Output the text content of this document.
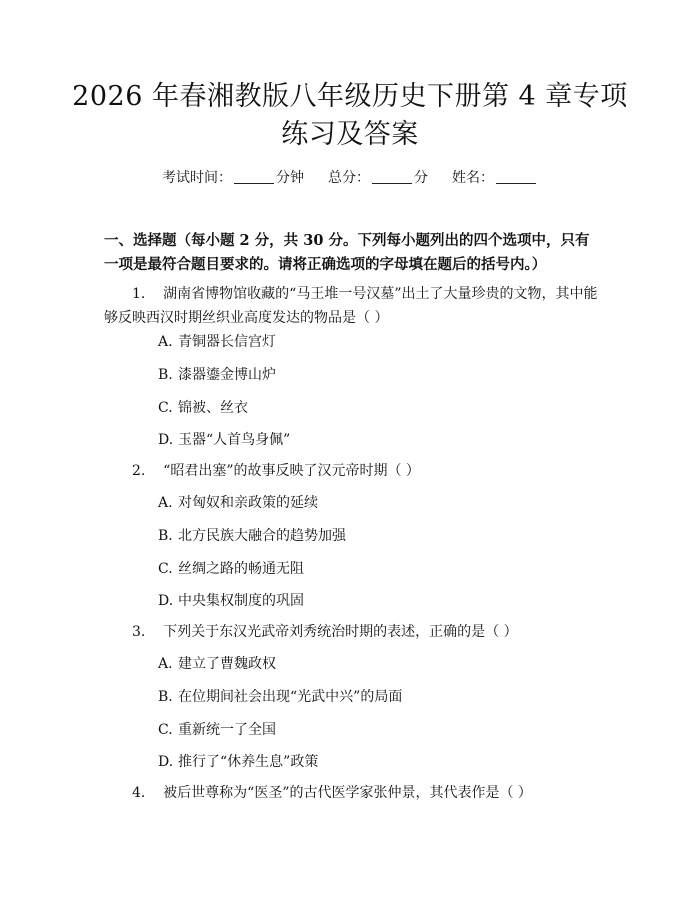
2026 年春湘教版八年级历史下册第 4 章专项
练习及答案
考试时间：	分钟 总分：	分 姓名：

一、选择题（每小题 2 分，共 30 分。下列每小题列出的四个选项中，只有一项是最符合题目要求的。请将正确选项的字母填在题后的括号内。）

1. 湖南省博物馆收藏的“马王堆一号汉墓”出土了大量珍贵的文物，其中能够反映西汉时期丝织业高度发达的物品是（ ）
A. 青铜器长信宫灯
B. 漆器鎏金博山炉
C. 锦被、丝衣
D. 玉器“人首鸟身佩”
2. “昭君出塞”的故事反映了汉元帝时期（ ）
A. 对匈奴和亲政策的延续
B. 北方民族大融合的趋势加强
C. 丝绸之路的畅通无阻
D. 中央集权制度的巩固
3. 下列关于东汉光武帝刘秀统治时期的表述，正确的是（ ）
A. 建立了曹魏政权
B. 在位期间社会出现“光武中兴”的局面
C. 重新统一了全国
D. 推行了“休养生息”政策
4. 被后世尊称为“医圣”的古代医学家张仲景，其代表作是（ ）
